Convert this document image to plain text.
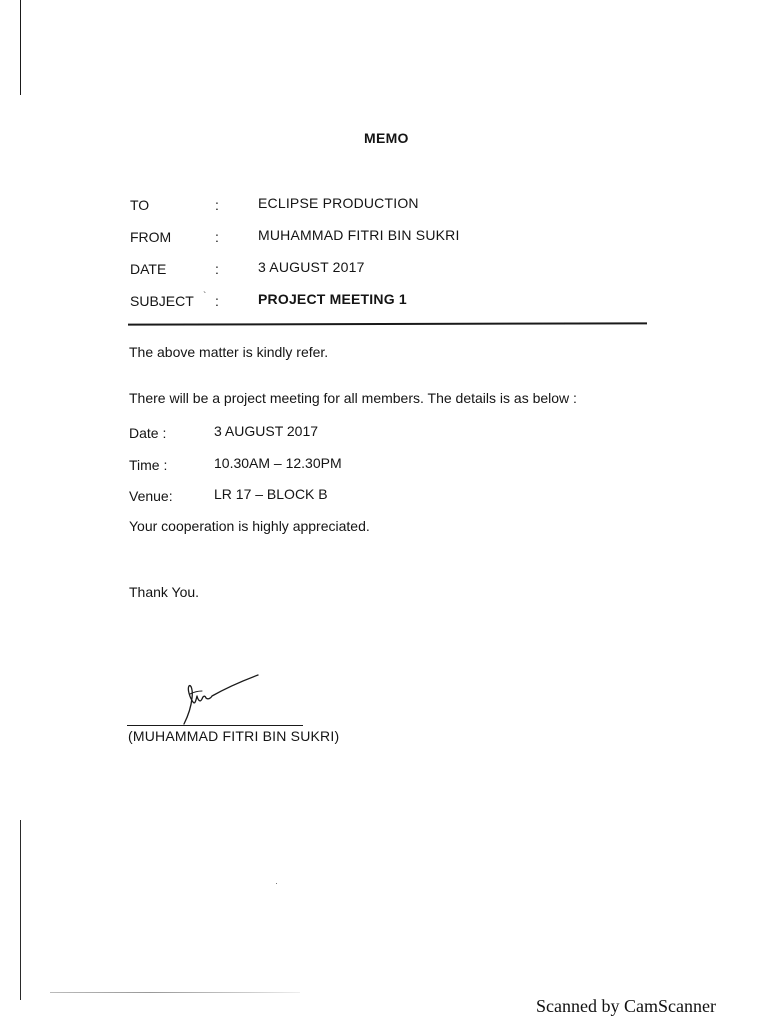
MEMO
TO	:	ECLIPSE PRODUCTION
FROM	:	MUHAMMAD FITRI BIN SUKRI
DATE	:	3 AUGUST 2017
SUBJECT ` :	PROJECT MEETING 1
The above matter is kindly refer.
There will be a project meeting for all members. The details is as below :
Date :	3 AUGUST 2017
Time :	10.30AM – 12.30PM
Venue:	LR 17 – BLOCK B
Your cooperation is highly appreciated.
Thank You.
(MUHAMMAD FITRI BIN SUKRI)
Scanned by CamScanner
